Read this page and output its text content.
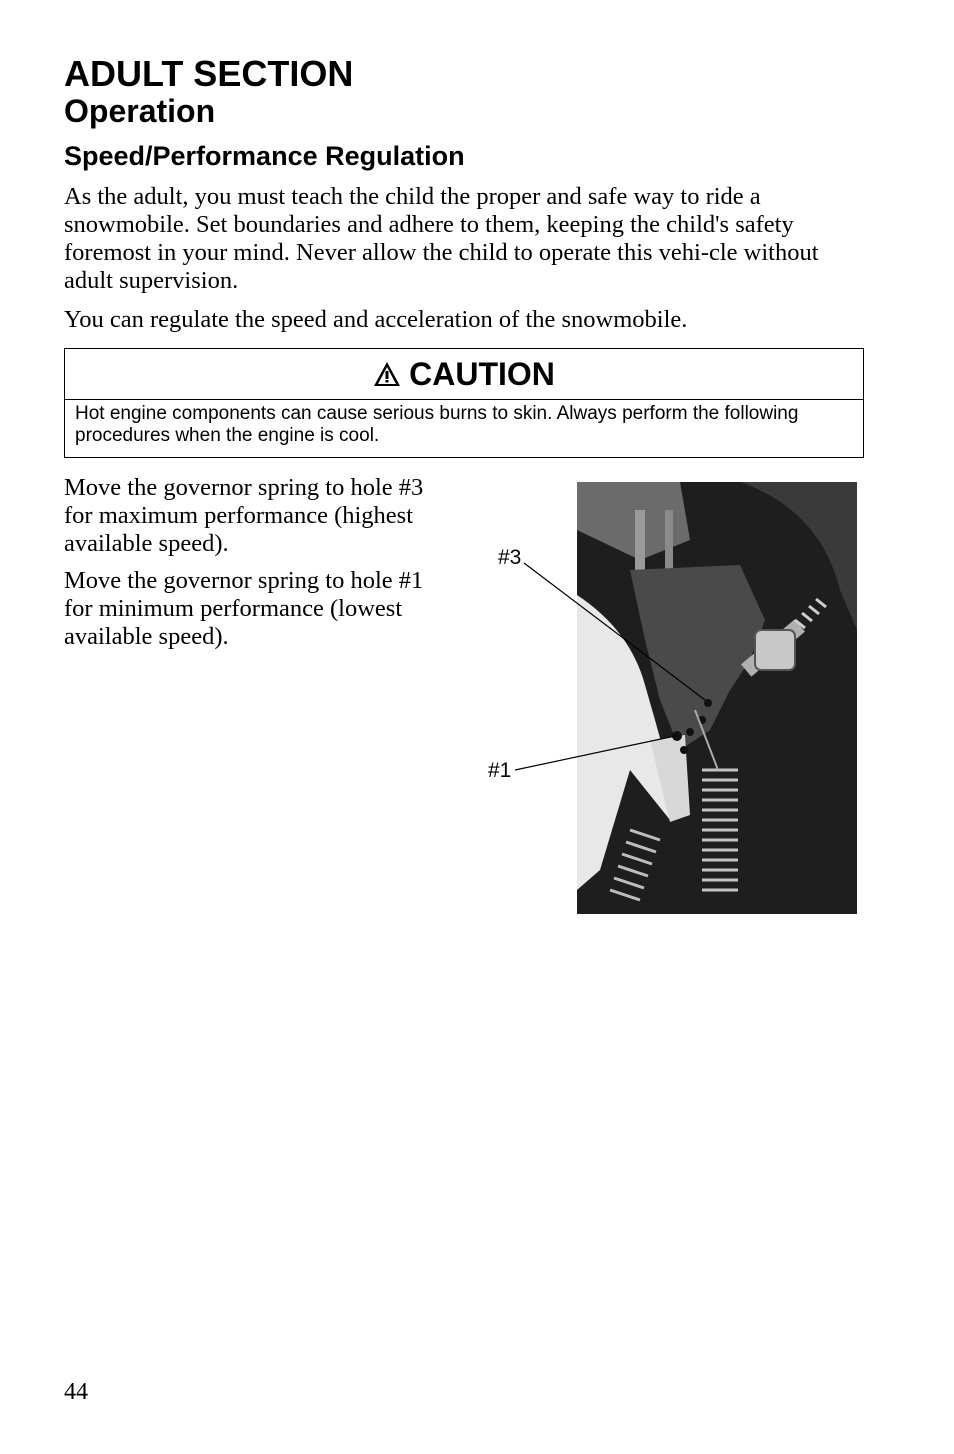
ADULT SECTION
Operation
Speed/Performance Regulation

As the adult, you must teach the child the proper and safe way to ride a snowmobile. Set boundaries and adhere to them, keeping the child's safety foremost in your mind. Never allow the child to operate this vehi-cle without adult supervision.

You can regulate the speed and acceleration of the snowmobile.

CAUTION
Hot engine components can cause serious burns to skin. Always perform the following procedures when the engine is cool.

Move the governor spring to hole #3 for maximum performance (highest available speed).

Move the governor spring to hole #1 for minimum performance (lowest available speed).

#3
#1

44
